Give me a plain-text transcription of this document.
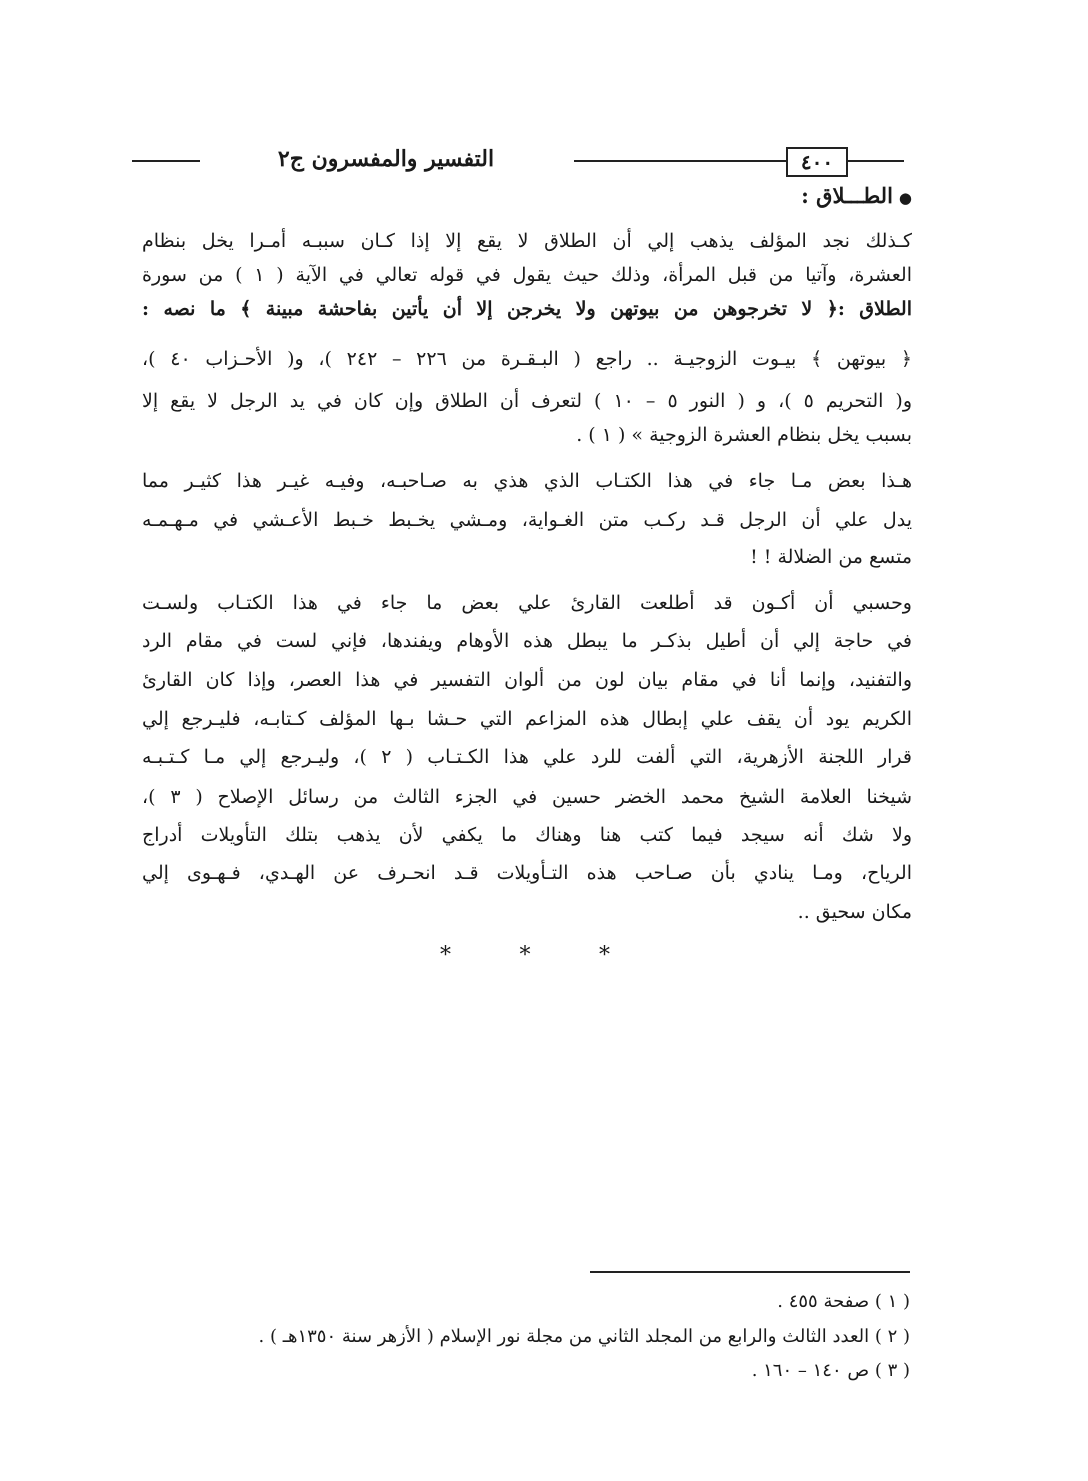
التفسير والمفسرون ج٢	٤٠٠
●الطـــلاق :
كـذلك نجد المؤلف يذهب إلي أن الطلاق لا يقع إلا إذا كـان سببـه أمـرا يخل بنظام
العشرة، وآتيا من قبل المرأة، وذلك حيث يقول في قوله تعالي في الآية ( ١ ) من سورة
الطلاق :﴿ لا تخرجوهن من بيوتهن ولا يخرجن إلا أن يأتين بفاحشة مبينة ﴾ ما نصه :
﴿ بيوتهن ﴾ بيـوت الزوجيـة .. راجع ( البـقـرة من ٢٢٦ – ٢٤٢ )، و( الأحـزاب ٤٠ )،
و( التحريم ٥ )، و ( النور ٥ – ١٠ ) لتعرف أن الطلاق وإن كان في يد الرجل لا يقع إلا
بسبب يخل بنظام العشرة الزوجية » ( ١ ) .
هـذا بعض مـا جاء في هذا الكتـاب الذي هذي به صـاحبـه، وفيـه غيـر هذا كثيـر مما
يدل علي أن الرجل قـد ركـب متن الغـواية، ومـشي يخـبط خـبط الأعـشي في مـهـمـه
متسع من الضلالة ! !
وحسبي أن أكـون قد أطلعت القارئ علي بعض ما جاء في هذا الكتـاب ولسـت
في حاجة إلي أن أطيل بذكـر ما يبطل هذه الأوهام ويفندها، فإني لست في مقام الرد
والتفنيد، وإنما أنا في مقام بيان لون من ألوان التفسير في هذا العصر، وإذا كان القارئ
الكريم يود أن يقف علي إبطال هذه المزاعم التي حـشا بـها المؤلف كـتابـه، فليـرجع إلي
قرار اللجنة الأزهرية، التي ألفت للرد علي هذا الكـتـاب ( ٢ )، وليـرجع إلي مـا كـتـبـه
شيخنا العلامة الشيخ محمد الخضر حسين في الجزء الثالث من رسائل الإصلاح ( ٣ )،
ولا شك أنه سيجد فيما كتب هنا وهناك ما يكفي لأن يذهب بتلك التأويلات أدراج
الرياح، ومـا ينادي بأن صـاحب هذه التـأويلات قـد انحـرف عن الهـدي، فـهـوى إلي
مكان سحيق ..
*	*	*
( ١ ) صفحة ٤٥٥ .
( ٢ ) العدد الثالث والرابع من المجلد الثاني من مجلة نور الإسلام ( الأزهر سنة ١٣٥٠هـ ) .
( ٣ ) ص ١٤٠ – ١٦٠ .
